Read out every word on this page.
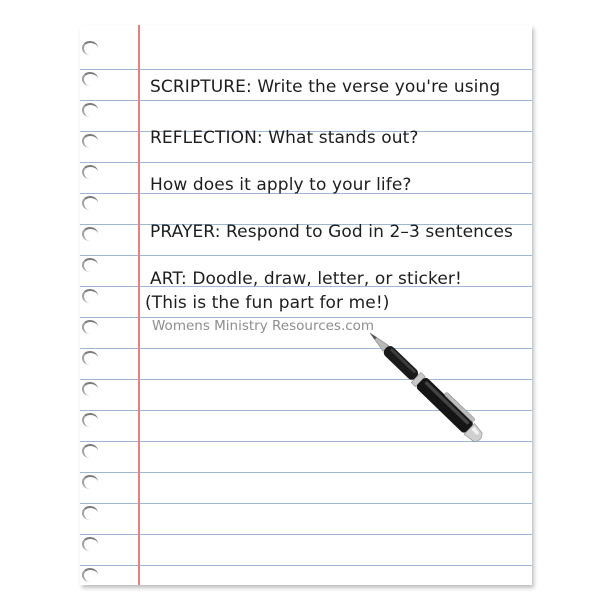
SCRIPTURE: Write the verse you're using
REFLECTION: What stands out?
How does it apply to your life?
PRAYER: Respond to God in 2–3 sentences
ART: Doodle, draw, letter, or sticker!
(This is the fun part for me!)
Womens Ministry Resources.com
